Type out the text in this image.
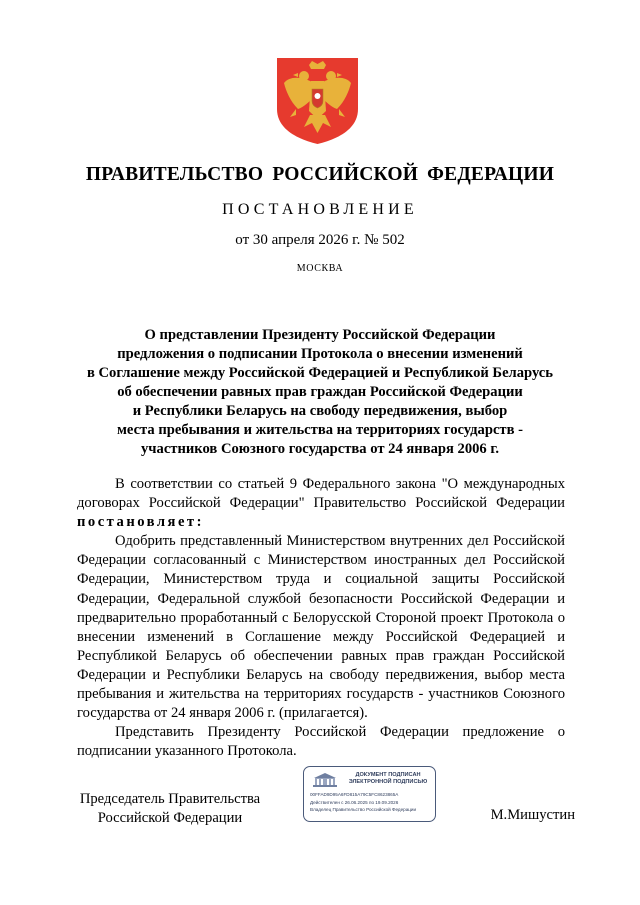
ПРАВИТЕЛЬСТВО РОССИЙСКОЙ ФЕДЕРАЦИИ
ПОСТАНОВЛЕНИЕ
от 30 апреля 2026 г. № 502
МОСКВА
О представлении Президенту Российской Федерации
предложения о подписании Протокола о внесении изменений
в Соглашение между Российской Федерацией и Республикой Беларусь
об обеспечении равных прав граждан Российской Федерации
и Республики Беларусь на свободу передвижения, выбор
места пребывания и жительства на территориях государств -
участников Союзного государства от 24 января 2006 г.

В соответствии со статьей 9 Федерального закона "О международных договорах Российской Федерации" Правительство Российской Федерации постановляет:

Одобрить представленный Министерством внутренних дел Российской Федерации согласованный с Министерством иностранных дел Российской Федерации, Министерством труда и социальной защиты Российской Федерации, Федеральной службой безопасности Российской Федерации и предварительно проработанный с Белорусской Стороной проект Протокола о внесении изменений в Соглашение между Российской Федерацией и Республикой Беларусь об обеспечении равных прав граждан Российской Федерации и Республики Беларусь на свободу передвижения, выбор места пребывания и жительства на территориях государств - участников Союзного государства от 24 января 2006 г. (прилагается).

Представить Президенту Российской Федерации предложение о подписании указанного Протокола.

Председатель Правительства
Российской Федерации
ДОКУМЕНТ ПОДПИСАН
ЭЛЕКТРОННОЙ ПОДПИСЬЮ
00FFAD9D95A6FD815A79C5FC8623865A
Действителен с 26.06.2025 по 19.09.2026
Владелец Правительство Российской Федерации	М.Мишустин
